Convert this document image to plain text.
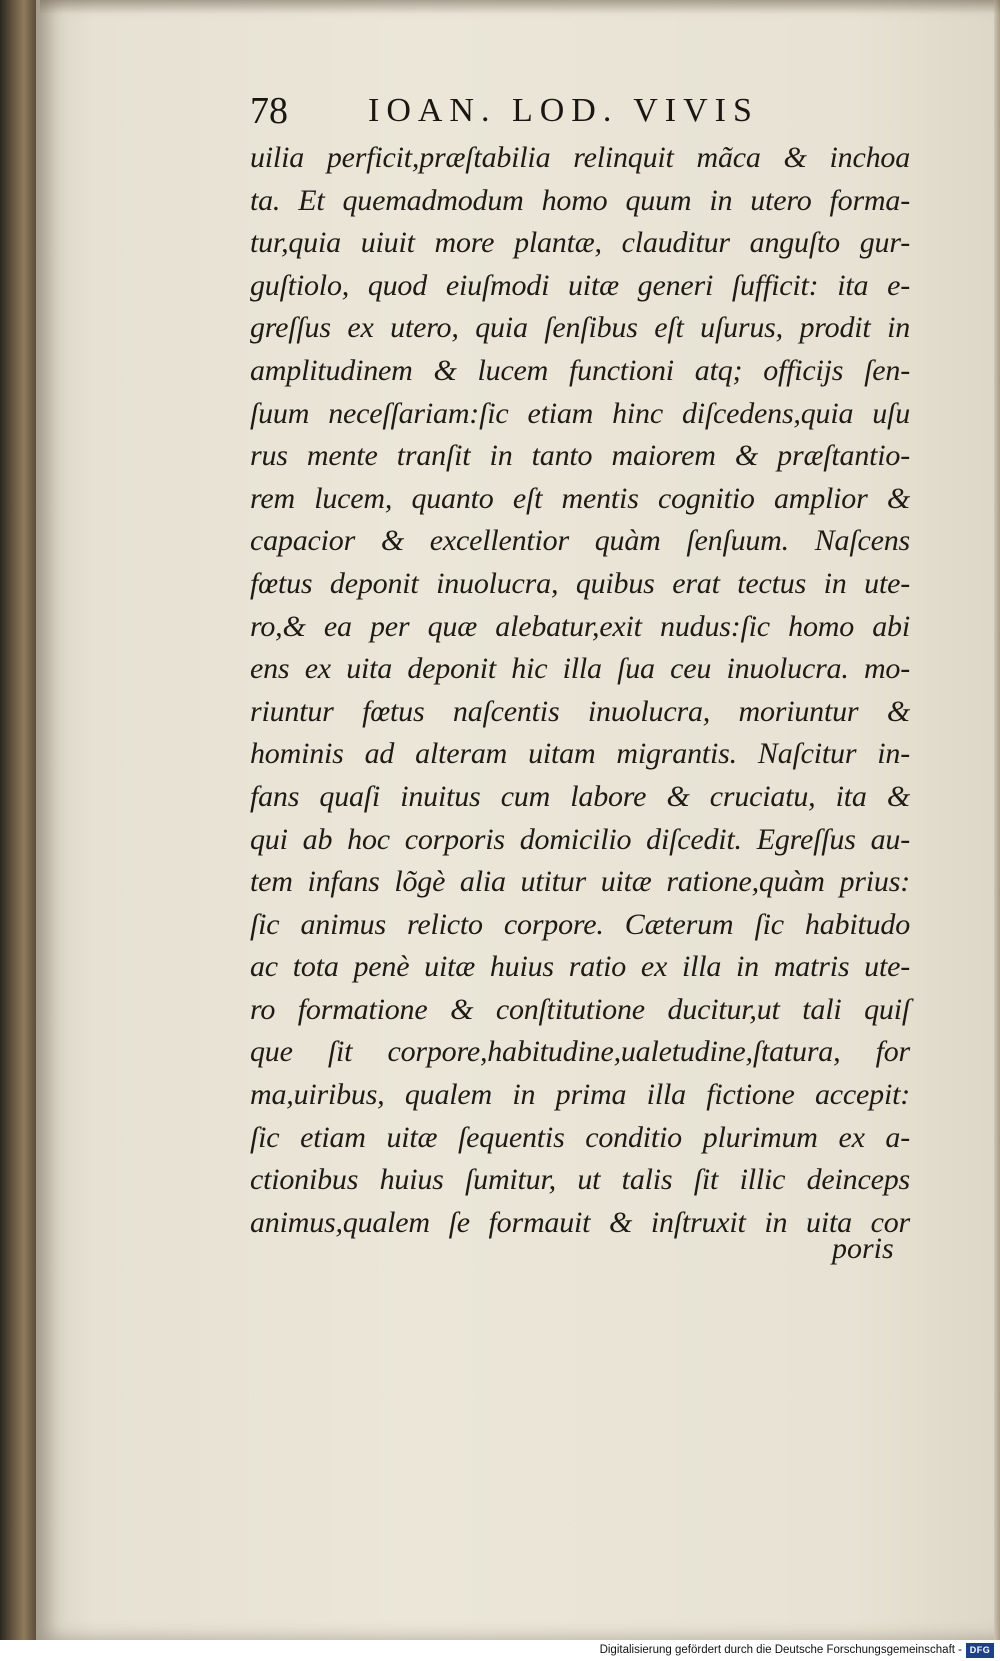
78 IOAN. LOD. VIVIS
uilia perficit,præſtabilia relinquit mãca & inchoa
ta. Et quemadmodum homo quum in utero forma-
tur,quia uiuit more plantæ, clauditur anguſto gur-
guſtiolo, quod eiuſmodi uitæ generi ſufficit: ita e-
greſſus ex utero, quia ſenſibus eſt uſurus, prodit in
amplitudinem & lucem functioni atq; officijs ſen-
ſuum neceſſariam:ſic etiam hinc diſcedens,quia uſu
rus mente tranſit in tanto maiorem & præſtantio-
rem lucem, quanto eſt mentis cognitio amplior &
capacior & excellentior quàm ſenſuum. Naſcens
fœtus deponit inuolucra, quibus erat tectus in ute-
ro,& ea per quæ alebatur,exit nudus:ſic homo abi
ens ex uita deponit hic illa ſua ceu inuolucra. mo-
riuntur fœtus naſcentis inuolucra, moriuntur &
hominis ad alteram uitam migrantis. Naſcitur in-
fans quaſi inuitus cum labore & cruciatu, ita &
qui ab hoc corporis domicilio diſcedit. Egreſſus au-
tem infans lõgè alia utitur uitæ ratione,quàm prius:
ſic animus relicto corpore. Cæterum ſic habitudo
ac tota penè uitæ huius ratio ex illa in matris ute-
ro formatione & conſtitutione ducitur,ut tali quiſ
que ſit corpore,habitudine,ualetudine,ſtatura, for
ma,uiribus, qualem in prima illa fictione accepit:
ſic etiam uitæ ſequentis conditio plurimum ex a-
ctionibus huius ſumitur, ut talis ſit illic deinceps
animus,qualem ſe formauit & inſtruxit in uita cor
poris
Digitalisierung gefördert durch die Deutsche Forschungsgemeinschaft - DFG
